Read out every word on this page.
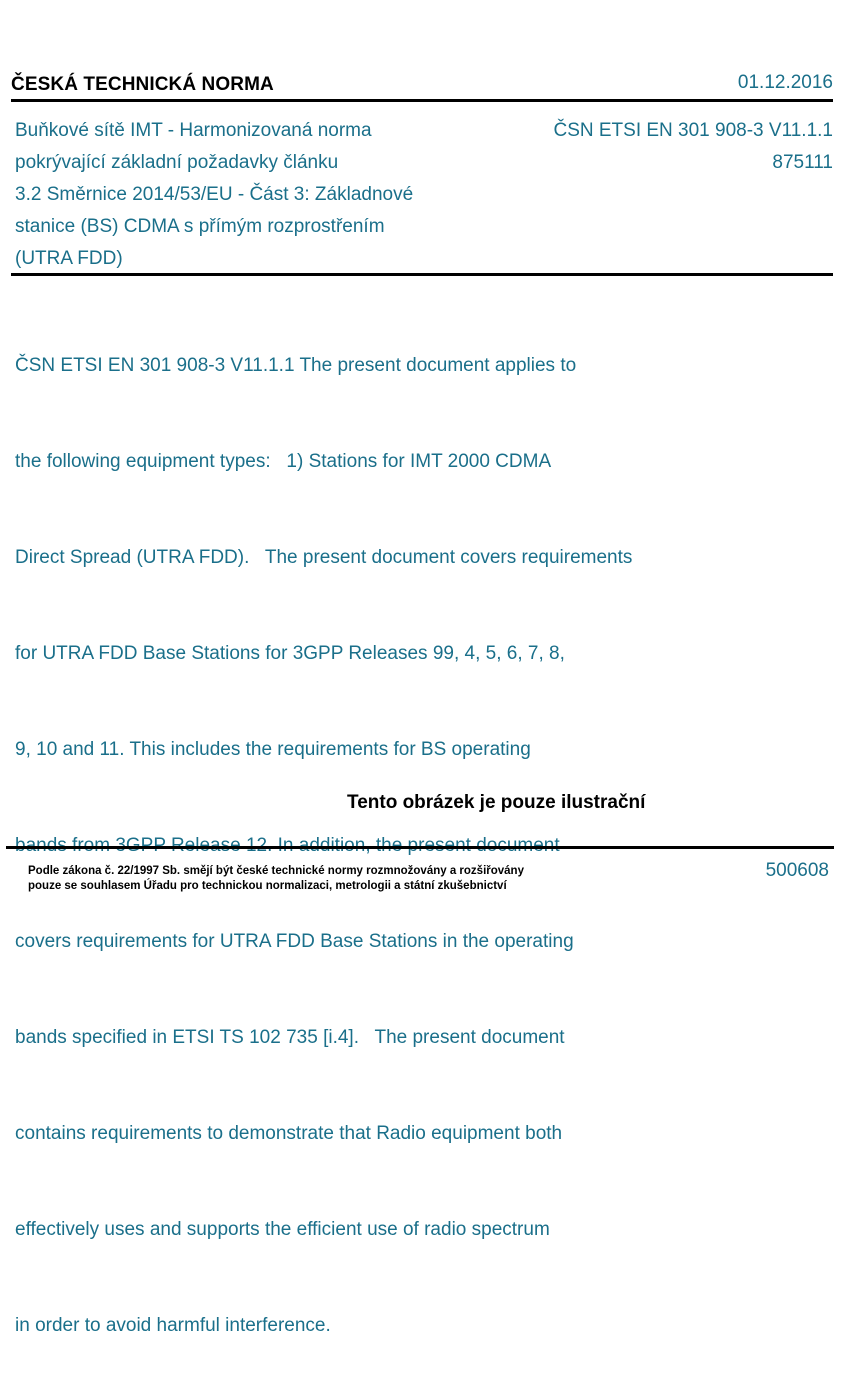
ČESKÁ TECHNICKÁ NORMA	01.12.2016
Buňkové sítě IMT - Harmonizovaná norma
pokrývající základní požadavky článku
3.2 Směrnice 2014/53/EU - Část 3: Základnové
stanice (BS) CDMA s přímým rozprostřením
(UTRA FDD)
ČSN ETSI EN 301 908-3 V11.1.1
875111

ČSN ETSI EN 301 908-3 V11.1.1 The present document applies to

the following equipment types:   1) Stations for IMT 2000 CDMA

Direct Spread (UTRA FDD).   The present document covers requirements

for UTRA FDD Base Stations for 3GPP Releases 99, 4, 5, 6, 7, 8,

9, 10 and 11. This includes the requirements for BS operating

bands from 3GPP Release 12. In addition, the present document

covers requirements for UTRA FDD Base Stations in the operating

bands specified in ETSI TS 102 735 [i.4].   The present document

contains requirements to demonstrate that Radio equipment both

effectively uses and supports the efficient use of radio spectrum

in order to avoid harmful interference.

Tento obrázek je pouze ilustrační
Podle zákona č. 22/1997 Sb. smějí být české technické normy rozmnožovány a rozšiřovány
pouze se souhlasem Úřadu pro technickou normalizaci, metrologii a státní zkušebnictví
500608
